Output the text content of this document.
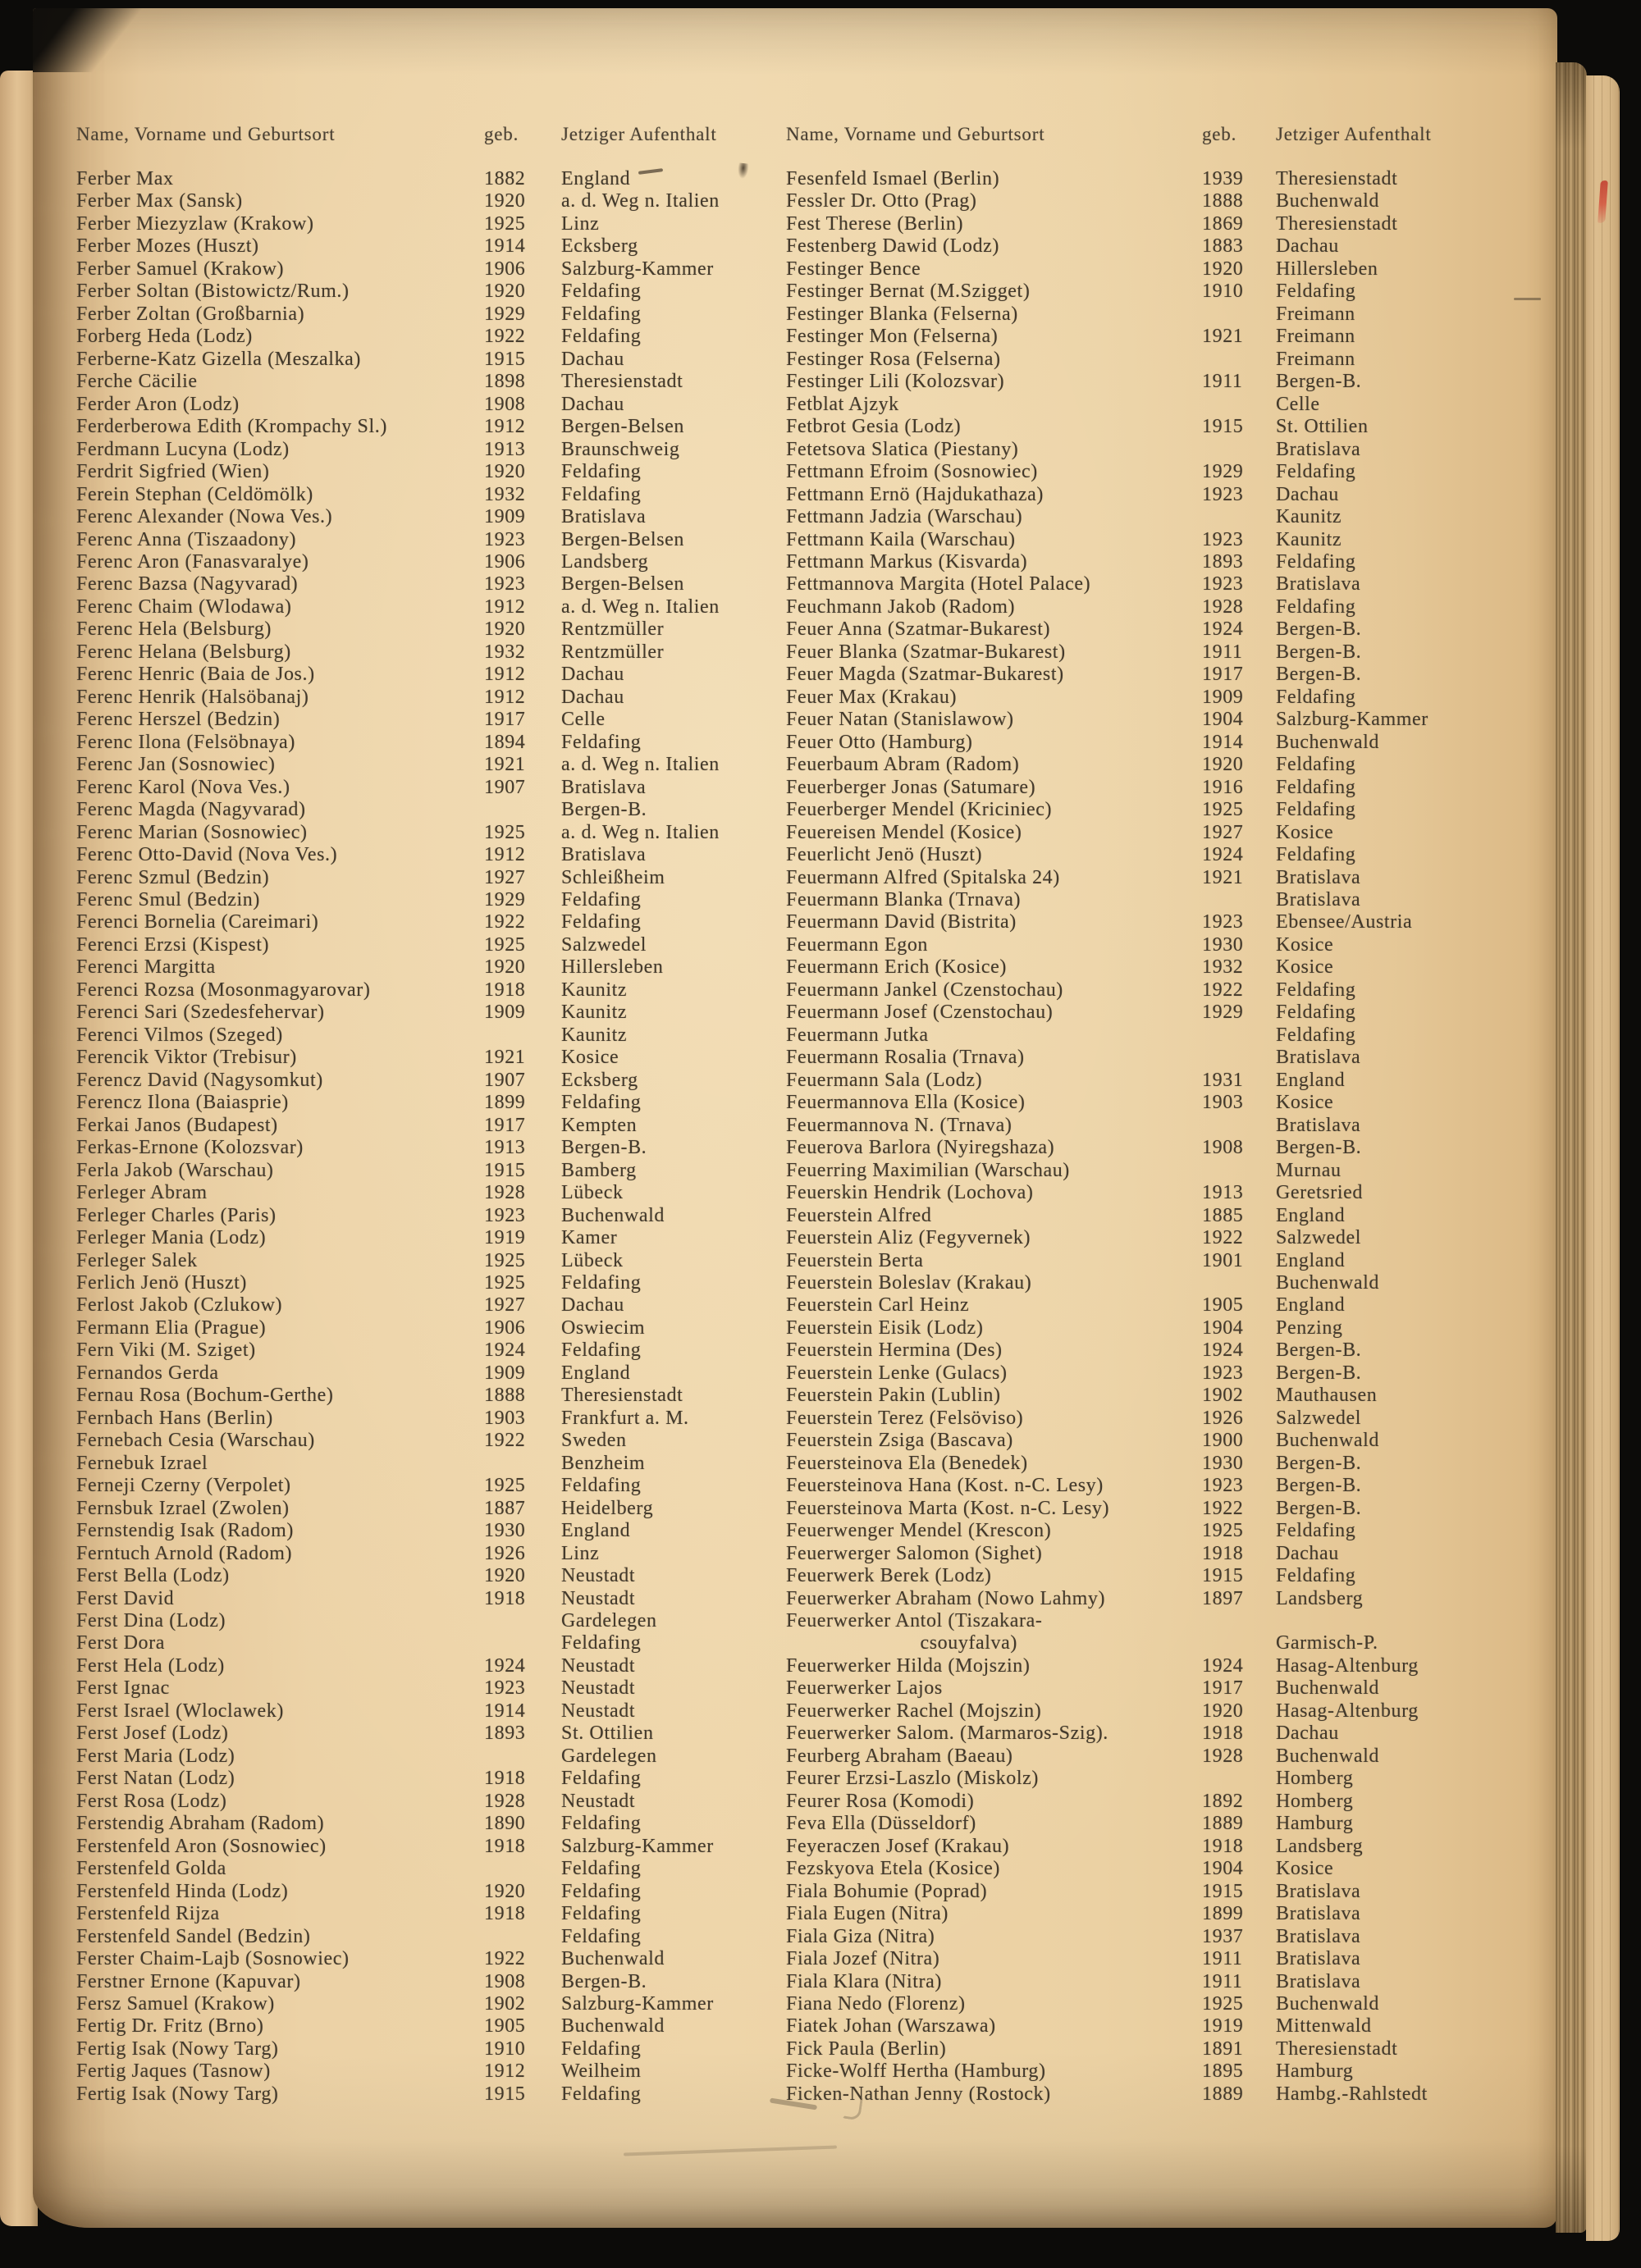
Name, Vorname und Geburtsort	geb.	Jetziger Aufenthalt	Name, Vorname und Geburtsort	geb.	Jetziger Aufenthalt
Ferber Max	1882	England
Ferber Max (Sansk)	1920	a. d. Weg n. Italien
Ferber Miezyzlaw (Krakow)	1925	Linz
Ferber Mozes (Huszt)	1914	Ecksberg
Ferber Samuel (Krakow)	1906	Salzburg-Kammer
Ferber Soltan (Bistowictz/Rum.)	1920	Feldafing
Ferber Zoltan (Großbarnia)	1929	Feldafing
Forberg Heda (Lodz)	1922	Feldafing
Ferberne-Katz Gizella (Meszalka)	1915	Dachau
Ferche Cäcilie	1898	Theresienstadt
Ferder Aron (Lodz)	1908	Dachau
Ferderberowa Edith (Krompachy Sl.)	1912	Bergen-Belsen
Ferdmann Lucyna (Lodz)	1913	Braunschweig
Ferdrit Sigfried (Wien)	1920	Feldafing
Ferein Stephan (Celdömölk)	1932	Feldafing
Ferenc Alexander (Nowa Ves.)	1909	Bratislava
Ferenc Anna (Tiszaadony)	1923	Bergen-Belsen
Ferenc Aron (Fanasvaralye)	1906	Landsberg
Ferenc Bazsa (Nagyvarad)	1923	Bergen-Belsen
Ferenc Chaim (Wlodawa)	1912	a. d. Weg n. Italien
Ferenc Hela (Belsburg)	1920	Rentzmüller
Ferenc Helana (Belsburg)	1932	Rentzmüller
Ferenc Henric (Baia de Jos.)	1912	Dachau
Ferenc Henrik (Halsöbanaj)	1912	Dachau
Ferenc Herszel (Bedzin)	1917	Celle
Ferenc Ilona (Felsöbnaya)	1894	Feldafing
Ferenc Jan (Sosnowiec)	1921	a. d. Weg n. Italien
Ferenc Karol (Nova Ves.)	1907	Bratislava
Ferenc Magda (Nagyvarad)	Bergen-B.
Ferenc Marian (Sosnowiec)	1925	a. d. Weg n. Italien
Ferenc Otto-David (Nova Ves.)	1912	Bratislava
Ferenc Szmul (Bedzin)	1927	Schleißheim
Ferenc Smul (Bedzin)	1929	Feldafing
Ferenci Bornelia (Careimari)	1922	Feldafing
Ferenci Erzsi (Kispest)	1925	Salzwedel
Ferenci Margitta	1920	Hillersleben
Ferenci Rozsa (Mosonmagyarovar)	1918	Kaunitz
Ferenci Sari (Szedesfehervar)	1909	Kaunitz
Ferenci Vilmos (Szeged)	Kaunitz
Ferencik Viktor (Trebisur)	1921	Kosice
Ferencz David (Nagysomkut)	1907	Ecksberg
Ferencz Ilona (Baiasprie)	1899	Feldafing
Ferkai Janos (Budapest)	1917	Kempten
Ferkas-Ernone (Kolozsvar)	1913	Bergen-B.
Ferla Jakob (Warschau)	1915	Bamberg
Ferleger Abram	1928	Lübeck
Ferleger Charles (Paris)	1923	Buchenwald
Ferleger Mania (Lodz)	1919	Kamer
Ferleger Salek	1925	Lübeck
Ferlich Jenö (Huszt)	1925	Feldafing
Ferlost Jakob (Czlukow)	1927	Dachau
Fermann Elia (Prague)	1906	Oswiecim
Fern Viki (M. Sziget)	1924	Feldafing
Fernandos Gerda	1909	England
Fernau Rosa (Bochum-Gerthe)	1888	Theresienstadt
Fernbach Hans (Berlin)	1903	Frankfurt a. M.
Fernebach Cesia (Warschau)	1922	Sweden
Fernebuk Izrael	Benzheim
Ferneji Czerny (Verpolet)	1925	Feldafing
Fernsbuk Izrael (Zwolen)	1887	Heidelberg
Fernstendig Isak (Radom)	1930	England
Ferntuch Arnold (Radom)	1926	Linz
Ferst Bella (Lodz)	1920	Neustadt
Ferst David	1918	Neustadt
Ferst Dina (Lodz)	Gardelegen
Ferst Dora	Feldafing
Ferst Hela (Lodz)	1924	Neustadt
Ferst Ignac	1923	Neustadt
Ferst Israel (Wloclawek)	1914	Neustadt
Ferst Josef (Lodz)	1893	St. Ottilien
Ferst Maria (Lodz)	Gardelegen
Ferst Natan (Lodz)	1918	Feldafing
Ferst Rosa (Lodz)	1928	Neustadt
Ferstendig Abraham (Radom)	1890	Feldafing
Ferstenfeld Aron (Sosnowiec)	1918	Salzburg-Kammer
Ferstenfeld Golda	Feldafing
Ferstenfeld Hinda (Lodz)	1920	Feldafing
Ferstenfeld Rijza	1918	Feldafing
Ferstenfeld Sandel (Bedzin)	Feldafing
Ferster Chaim-Lajb (Sosnowiec)	1922	Buchenwald
Ferstner Ernone (Kapuvar)	1908	Bergen-B.
Fersz Samuel (Krakow)	1902	Salzburg-Kammer
Fertig Dr. Fritz (Brno)	1905	Buchenwald
Fertig Isak (Nowy Targ)	1910	Feldafing
Fertig Jaques (Tasnow)	1912	Weilheim
Fertig Isak (Nowy Targ)	1915	Feldafing
Fesenfeld Ismael (Berlin)	1939	Theresienstadt
Fessler Dr. Otto (Prag)	1888	Buchenwald
Fest Therese (Berlin)	1869	Theresienstadt
Festenberg Dawid (Lodz)	1883	Dachau
Festinger Bence	1920	Hillersleben
Festinger Bernat (M.Szigget)	1910	Feldafing
Festinger Blanka (Felserna)	Freimann
Festinger Mon (Felserna)	1921	Freimann
Festinger Rosa (Felserna)	Freimann
Festinger Lili (Kolozsvar)	1911	Bergen-B.
Fetblat Ajzyk	Celle
Fetbrot Gesia (Lodz)	1915	St. Ottilien
Fetetsova Slatica (Piestany)	Bratislava
Fettmann Efroim (Sosnowiec)	1929	Feldafing
Fettmann Ernö (Hajdukathaza)	1923	Dachau
Fettmann Jadzia (Warschau)	Kaunitz
Fettmann Kaila (Warschau)	1923	Kaunitz
Fettmann Markus (Kisvarda)	1893	Feldafing
Fettmannova Margita (Hotel Palace)	1923	Bratislava
Feuchmann Jakob (Radom)	1928	Feldafing
Feuer Anna (Szatmar-Bukarest)	1924	Bergen-B.
Feuer Blanka (Szatmar-Bukarest)	1911	Bergen-B.
Feuer Magda (Szatmar-Bukarest)	1917	Bergen-B.
Feuer Max (Krakau)	1909	Feldafing
Feuer Natan (Stanislawow)	1904	Salzburg-Kammer
Feuer Otto (Hamburg)	1914	Buchenwald
Feuerbaum Abram (Radom)	1920	Feldafing
Feuerberger Jonas (Satumare)	1916	Feldafing
Feuerberger Mendel (Kriciniec)	1925	Feldafing
Feuereisen Mendel (Kosice)	1927	Kosice
Feuerlicht Jenö (Huszt)	1924	Feldafing
Feuermann Alfred (Spitalska 24)	1921	Bratislava
Feuermann Blanka (Trnava)	Bratislava
Feuermann David (Bistrita)	1923	Ebensee/Austria
Feuermann Egon	1930	Kosice
Feuermann Erich (Kosice)	1932	Kosice
Feuermann Jankel (Czenstochau)	1922	Feldafing
Feuermann Josef (Czenstochau)	1929	Feldafing
Feuermann Jutka	Feldafing
Feuermann Rosalia (Trnava)	Bratislava
Feuermann Sala (Lodz)	1931	England
Feuermannova Ella (Kosice)	1903	Kosice
Feuermannova N. (Trnava)	Bratislava
Feuerova Barlora (Nyiregshaza)	1908	Bergen-B.
Feuerring Maximilian (Warschau)	Murnau
Feuerskin Hendrik (Lochova)	1913	Geretsried
Feuerstein Alfred	1885	England
Feuerstein Aliz (Fegyvernek)	1922	Salzwedel
Feuerstein Berta	1901	England
Feuerstein Boleslav (Krakau)	Buchenwald
Feuerstein Carl Heinz	1905	England
Feuerstein Eisik (Lodz)	1904	Penzing
Feuerstein Hermina (Des)	1924	Bergen-B.
Feuerstein Lenke (Gulacs)	1923	Bergen-B.
Feuerstein Pakin (Lublin)	1902	Mauthausen
Feuerstein Terez (Felsöviso)	1926	Salzwedel
Feuerstein Zsiga (Bascava)	1900	Buchenwald
Feuersteinova Ela (Benedek)	1930	Bergen-B.
Feuersteinova Hana (Kost. n-C. Lesy)	1923	Bergen-B.
Feuersteinova Marta (Kost. n-C. Lesy)	1922	Bergen-B.
Feuerwenger Mendel (Krescon)	1925	Feldafing
Feuerwerger Salomon (Sighet)	1918	Dachau
Feuerwerk Berek (Lodz)	1915	Feldafing
Feuerwerker Abraham (Nowo Lahmy)	1897	Landsberg
Feuerwerker Antol (Tiszakara-
csouyfalva)	Garmisch-P.
Feuerwerker Hilda (Mojszin)	1924	Hasag-Altenburg
Feuerwerker Lajos	1917	Buchenwald
Feuerwerker Rachel (Mojszin)	1920	Hasag-Altenburg
Feuerwerker Salom. (Marmaros-Szig).	1918	Dachau
Feurberg Abraham (Baeau)	1928	Buchenwald
Feurer Erzsi-Laszlo (Miskolz)	Homberg
Feurer Rosa (Komodi)	1892	Homberg
Feva Ella (Düsseldorf)	1889	Hamburg
Feyeraczen Josef (Krakau)	1918	Landsberg
Fezskyova Etela (Kosice)	1904	Kosice
Fiala Bohumie (Poprad)	1915	Bratislava
Fiala Eugen (Nitra)	1899	Bratislava
Fiala Giza (Nitra)	1937	Bratislava
Fiala Jozef (Nitra)	1911	Bratislava
Fiala Klara (Nitra)	1911	Bratislava
Fiana Nedo (Florenz)	1925	Buchenwald
Fiatek Johan (Warszawa)	1919	Mittenwald
Fick Paula (Berlin)	1891	Theresienstadt
Ficke-Wolff Hertha (Hamburg)	1895	Hamburg
Ficken-Nathan Jenny (Rostock)	1889	Hambg.-Rahlstedt
